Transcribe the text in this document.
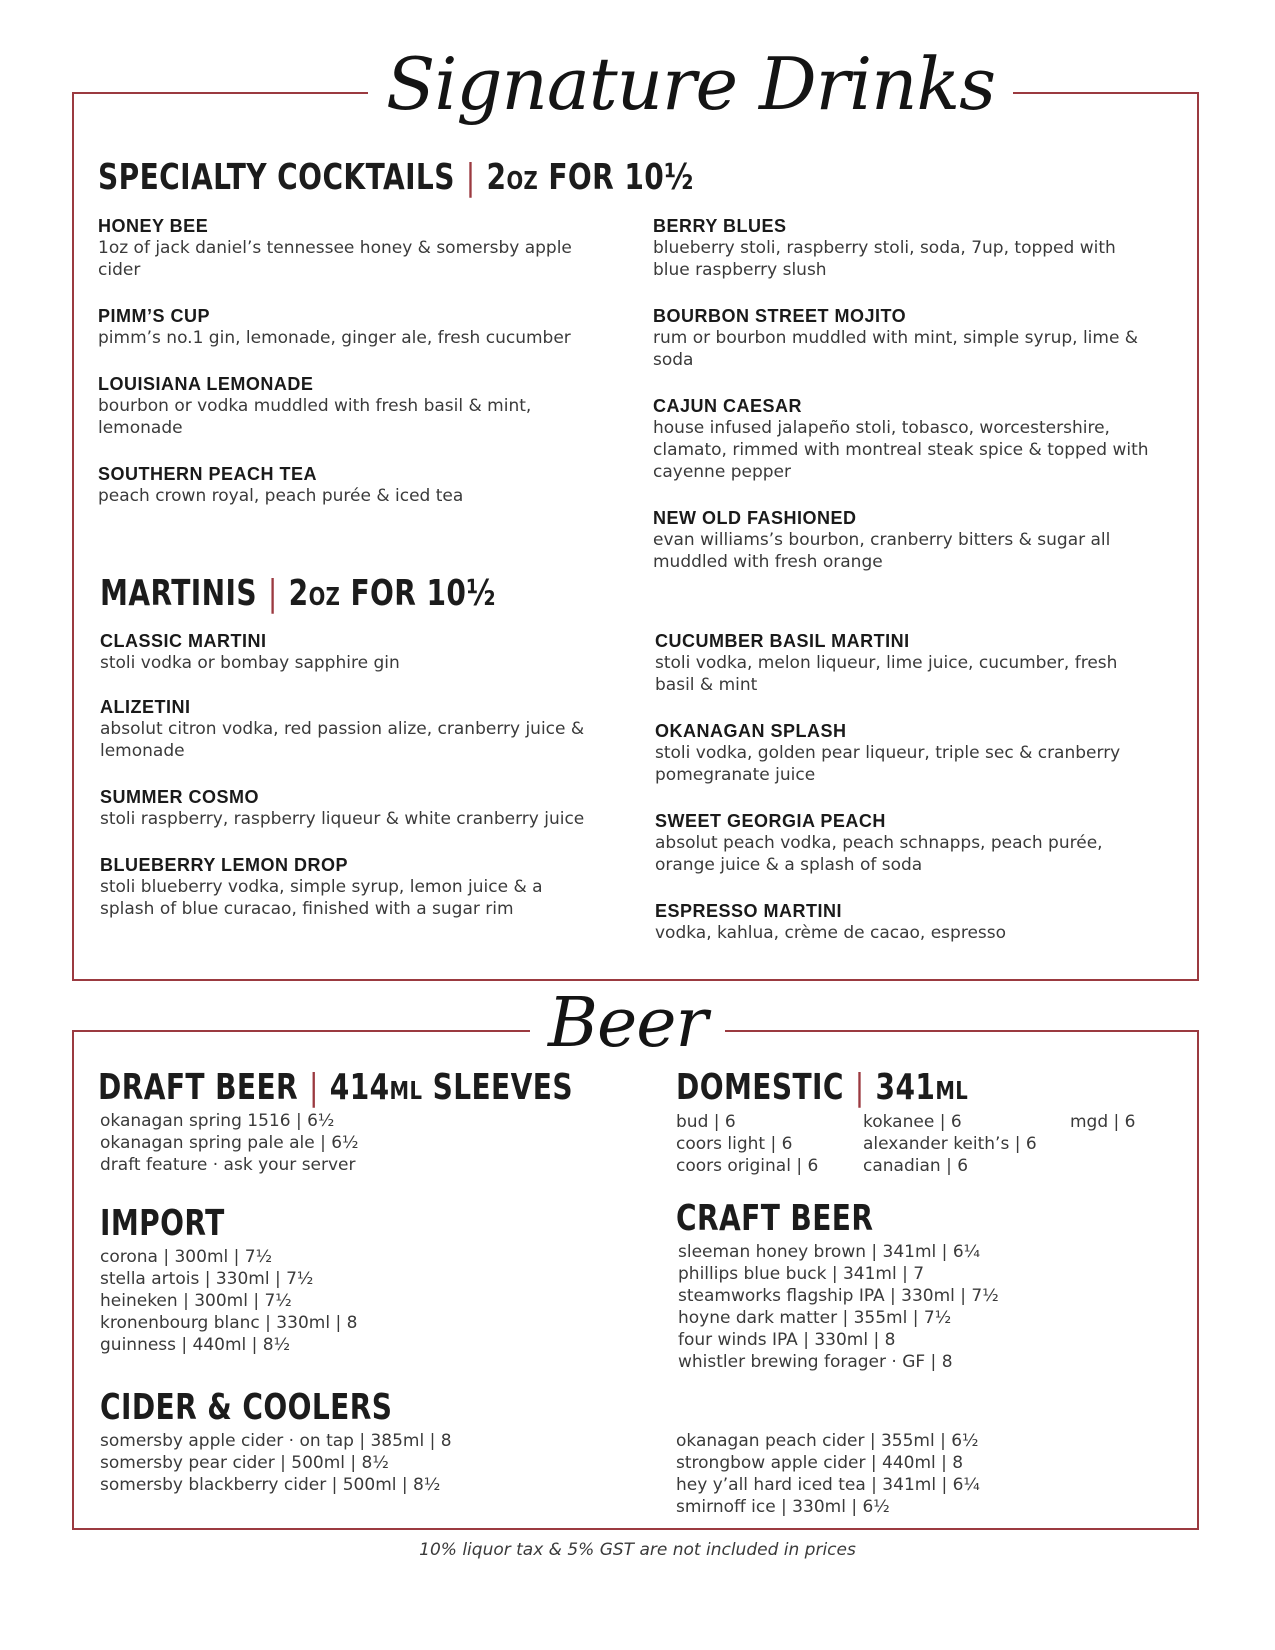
Signature Drinks
Beer
SPECIALTY COCKTAILS | 2OZ FOR 10½
HONEY BEE
1oz of jack daniel’s tennessee honey & somersby apple cider
PIMM’S CUP
pimm’s no.1 gin, lemonade, ginger ale, fresh cucumber
LOUISIANA LEMONADE
bourbon or vodka muddled with fresh basil & mint, lemonade
SOUTHERN PEACH TEA
peach crown royal, peach purée & iced tea
BERRY BLUES
blueberry stoli, raspberry stoli, soda, 7up, topped with blue raspberry slush
BOURBON STREET MOJITO
rum or bourbon muddled with mint, simple syrup, lime & soda
CAJUN CAESAR
house infused jalapeño stoli, tobasco, worcestershire, clamato, rimmed with montreal steak spice & topped with cayenne pepper
NEW OLD FASHIONED
evan williams’s bourbon, cranberry bitters & sugar all muddled with fresh orange
MARTINIS | 2OZ FOR 10½
CLASSIC MARTINI
stoli vodka or bombay sapphire gin
ALIZETINI
absolut citron vodka, red passion alize, cranberry juice & lemonade
SUMMER COSMO
stoli raspberry, raspberry liqueur & white cranberry juice
BLUEBERRY LEMON DROP
stoli blueberry vodka, simple syrup, lemon juice & a splash of blue curacao, finished with a sugar rim
CUCUMBER BASIL MARTINI
stoli vodka, melon liqueur, lime juice, cucumber, fresh basil & mint
OKANAGAN SPLASH
stoli vodka, golden pear liqueur, triple sec & cranberry pomegranate juice
SWEET GEORGIA PEACH
absolut peach vodka, peach schnapps, peach purée, orange juice & a splash of soda
ESPRESSO MARTINI
vodka, kahlua, crème de cacao, espresso
DRAFT BEER | 414ML SLEEVES
okanagan spring 1516 | 6½
okanagan spring pale ale | 6½
draft feature · ask your server
DOMESTIC | 341ML
bud | 6
coors light | 6
coors original | 6
kokanee | 6
alexander keith’s | 6
canadian | 6
mgd | 6
IMPORT
corona | 300ml | 7½
stella artois | 330ml | 7½
heineken | 300ml | 7½
kronenbourg blanc | 330ml | 8
guinness | 440ml | 8½
CRAFT BEER
sleeman honey brown | 341ml | 6¼
phillips blue buck | 341ml | 7
steamworks flagship IPA | 330ml | 7½
hoyne dark matter | 355ml | 7½
four winds IPA | 330ml | 8
whistler brewing forager · GF | 8
CIDER & COOLERS
somersby apple cider · on tap | 385ml | 8
somersby pear cider | 500ml | 8½
somersby blackberry cider | 500ml | 8½
okanagan peach cider | 355ml | 6½
strongbow apple cider | 440ml | 8
hey y’all hard iced tea | 341ml | 6¼
smirnoff ice | 330ml | 6½
10% liquor tax & 5% GST are not included in prices
